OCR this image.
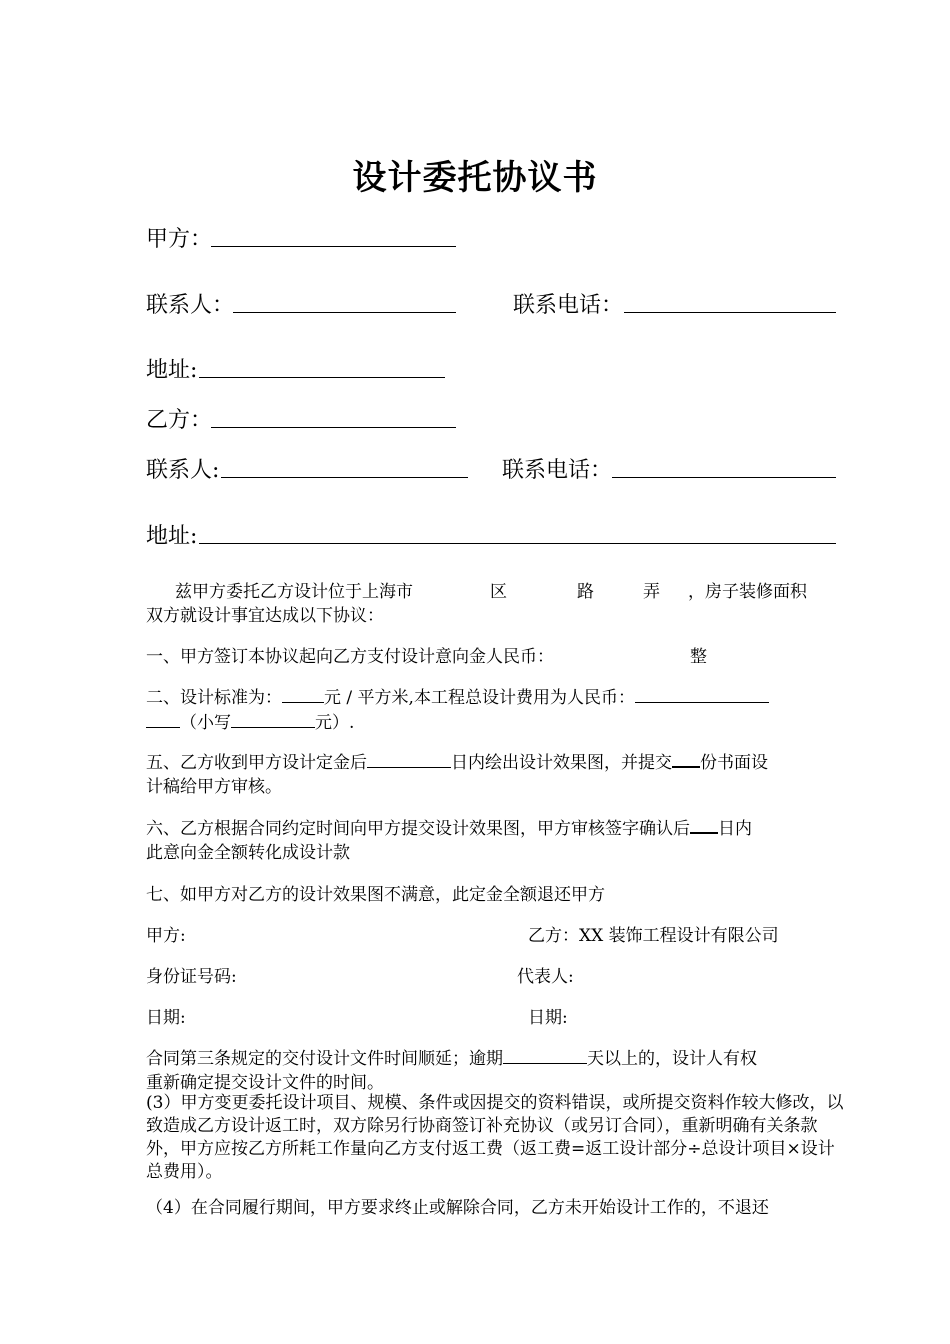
设计委托协议书
甲方：
联系人：	联系电话：
地址:
乙方：
联系人:	联系电话：
地址:
兹甲方委托乙方设计位于上海市	区	路	弄 ，房子装修面积
双方就设计事宜达成以下协议：
一、甲方签订本协议起向乙方支付设计意向金人民币：	整
二、设计标准为： 元 / 平方米,本工程总设计费用为人民币：
（小写	元）.
五、乙方收到甲方设计定金后	日内绘出设计效果图，并提交 份书面设
计稿给甲方审核。
六、乙方根据合同约定时间向甲方提交设计效果图，甲方审核签字确认后 日内
此意向金全额转化成设计款
七、如甲方对乙方的设计效果图不满意，此定金全额退还甲方
甲方:	乙方：XX 装饰工程设计有限公司
身份证号码:	代表人:
日期:	日期:
合同第三条规定的交付设计文件时间顺延；逾期	天以上的，设计人有权
重新确定提交设计文件的时间。
(3）甲方变更委托设计项目、规模、条件或因提交的资料错误，或所提交资料作较大修改，以致造成乙方设计返工时，双方除另行协商签订补充协议（或另订合同），重新明确有关条款外，甲方应按乙方所耗工作量向乙方支付返工费（返工费=返工设计部分÷总设计项目×设计总费用）。
（4）在合同履行期间，甲方要求终止或解除合同，乙方未开始设计工作的，不退还
